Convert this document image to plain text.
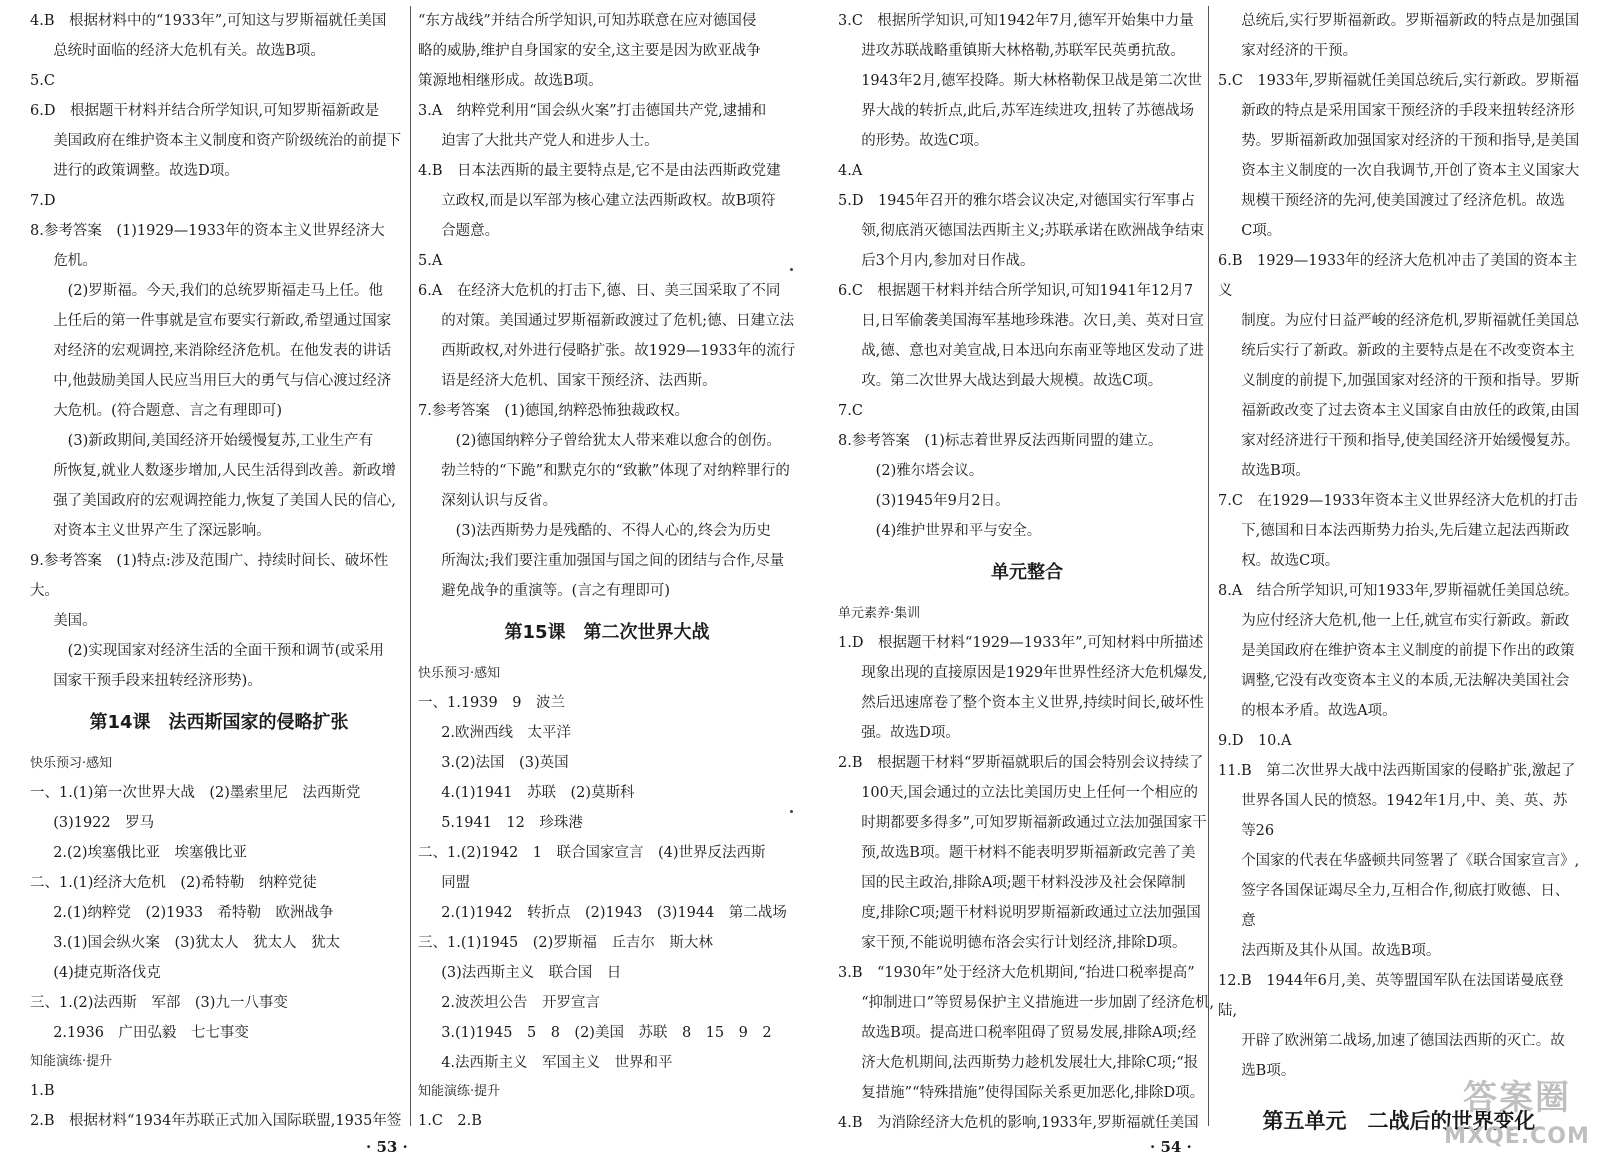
4.B　根据材料中的“1933年”,可知这与罗斯福就任美国
总统时面临的经济大危机有关。故选B项。
5.C
6.D　根据题干材料并结合所学知识,可知罗斯福新政是
美国政府在维护资本主义制度和资产阶级统治的前提下
进行的政策调整。故选D项。
7.D
8.参考答案　(1)1929—1933年的资本主义世界经济大
危机。
　(2)罗斯福。今天,我们的总统罗斯福走马上任。他
上任后的第一件事就是宣布要实行新政,希望通过国家
对经济的宏观调控,来消除经济危机。在他发表的讲话
中,他鼓励美国人民应当用巨大的勇气与信心渡过经济
大危机。(符合题意、言之有理即可)
　(3)新政期间,美国经济开始缓慢复苏,工业生产有
所恢复,就业人数逐步增加,人民生活得到改善。新政增
强了美国政府的宏观调控能力,恢复了美国人民的信心,
对资本主义世界产生了深远影响。
9.参考答案　(1)特点:涉及范围广、持续时间长、破坏性大。
美国。
　(2)实现国家对经济生活的全面干预和调节(或采用
国家干预手段来扭转经济形势)。
第14课　法西斯国家的侵略扩张
快乐预习·感知
一、1.(1)第一次世界大战　(2)墨索里尼　法西斯党
(3)1922　罗马
2.(2)埃塞俄比亚　埃塞俄比亚
二、1.(1)经济大危机　(2)希特勒　纳粹党徒
2.(1)纳粹党　(2)1933　希特勒　欧洲战争
3.(1)国会纵火案　(3)犹太人　犹太人　犹太
(4)捷克斯洛伐克
三、1.(2)法西斯　军部　(3)九一八事变
2.1936　广田弘毅　七七事变
知能演练·提升
1.B
2.B　根据材料“1934年苏联正式加入国际联盟,1935年签
“东方战线”并结合所学知识,可知苏联意在应对德国侵
略的威胁,维护自身国家的安全,这主要是因为欧亚战争
策源地相继形成。故选B项。
3.A　纳粹党利用“国会纵火案”打击德国共产党,逮捕和
迫害了大批共产党人和进步人士。
4.B　日本法西斯的最主要特点是,它不是由法西斯政党建
立政权,而是以军部为核心建立法西斯政权。故B项符
合题意。
5.A
6.A　在经济大危机的打击下,德、日、美三国采取了不同
的对策。美国通过罗斯福新政渡过了危机;德、日建立法
西斯政权,对外进行侵略扩张。故1929—1933年的流行
语是经济大危机、国家干预经济、法西斯。
7.参考答案　(1)德国,纳粹恐怖独裁政权。
　(2)德国纳粹分子曾给犹太人带来难以愈合的创伤。
勃兰特的“下跪”和默克尔的“致歉”体现了对纳粹罪行的
深刻认识与反省。
　(3)法西斯势力是残酷的、不得人心的,终会为历史
所淘汰;我们要注重加强国与国之间的团结与合作,尽量
避免战争的重演等。(言之有理即可)
第15课　第二次世界大战
快乐预习·感知
一、1.1939　9　波兰
2.欧洲西线　太平洋
3.(2)法国　(3)英国
4.(1)1941　苏联　(2)莫斯科
5.1941　12　珍珠港
二、1.(2)1942　1　联合国家宣言　(4)世界反法西斯
同盟
2.(1)1942　转折点　(2)1943　(3)1944　第二战场
三、1.(1)1945　(2)罗斯福　丘吉尔　斯大林
(3)法西斯主义　联合国　日
2.波茨坦公告　开罗宣言
3.(1)1945　5　8　(2)美国　苏联　8　15　9　2
4.法西斯主义　军国主义　世界和平
知能演练·提升
1.C　2.B
3.C　根据所学知识,可知1942年7月,德军开始集中力量
进攻苏联战略重镇斯大林格勒,苏联军民英勇抗敌。
1943年2月,德军投降。斯大林格勒保卫战是第二次世
界大战的转折点,此后,苏军连续进攻,扭转了苏德战场
的形势。故选C项。
4.A
5.D　1945年召开的雅尔塔会议决定,对德国实行军事占
领,彻底消灭德国法西斯主义;苏联承诺在欧洲战争结束
后3个月内,参加对日作战。
6.C　根据题干材料并结合所学知识,可知1941年12月7
日,日军偷袭美国海军基地珍珠港。次日,美、英对日宣
战,德、意也对美宣战,日本迅向东南亚等地区发动了进
攻。第二次世界大战达到最大规模。故选C项。
7.C
8.参考答案　(1)标志着世界反法西斯同盟的建立。
　(2)雅尔塔会议。
　(3)1945年9月2日。
　(4)维护世界和平与安全。
单元整合
单元素养·集训
1.D　根据题干材料“1929—1933年”,可知材料中所描述
现象出现的直接原因是1929年世界性经济大危机爆发,
然后迅速席卷了整个资本主义世界,持续时间长,破坏性
强。故选D项。
2.B　根据题干材料“罗斯福就职后的国会特别会议持续了
100天,国会通过的立法比美国历史上任何一个相应的
时期都要多得多”,可知罗斯福新政通过立法加强国家干
预,故选B项。题干材料不能表明罗斯福新政完善了美
国的民主政治,排除A项;题干材料没涉及社会保障制
度,排除C项;题干材料说明罗斯福新政通过立法加强国
家干预,不能说明德布洛会实行计划经济,排除D项。
3.B　“1930年”处于经济大危机期间,“抬进口税率提高”
“抑制进口”等贸易保护主义措施进一步加剧了经济危机,
故选B项。提高进口税率阻碍了贸易发展,排除A项;经
济大危机期间,法西斯势力趁机发展壮大,排除C项;“报
复措施”“特殊措施”使得国际关系更加恶化,排除D项。
4.B　为消除经济大危机的影响,1933年,罗斯福就任美国
总统后,实行罗斯福新政。罗斯福新政的特点是加强国
家对经济的干预。
5.C　1933年,罗斯福就任美国总统后,实行新政。罗斯福
新政的特点是采用国家干预经济的手段来扭转经济形
势。罗斯福新政加强国家对经济的干预和指导,是美国
资本主义制度的一次自我调节,开创了资本主义国家大
规模干预经济的先河,使美国渡过了经济危机。故选
C项。
6.B　1929—1933年的经济大危机冲击了美国的资本主义
制度。为应付日益严峻的经济危机,罗斯福就任美国总
统后实行了新政。新政的主要特点是在不改变资本主
义制度的前提下,加强国家对经济的干预和指导。罗斯
福新政改变了过去资本主义国家自由放任的政策,由国
家对经济进行干预和指导,使美国经济开始缓慢复苏。
故选B项。
7.C　在1929—1933年资本主义世界经济大危机的打击
下,德国和日本法西斯势力抬头,先后建立起法西斯政
权。故选C项。
8.A　结合所学知识,可知1933年,罗斯福就任美国总统。
为应付经济大危机,他一上任,就宣布实行新政。新政
是美国政府在维护资本主义制度的前提下作出的政策
调整,它没有改变资本主义的本质,无法解决美国社会
的根本矛盾。故选A项。
9.D　10.A
11.B　第二次世界大战中法西斯国家的侵略扩张,激起了
世界各国人民的愤怒。1942年1月,中、美、英、苏等26
个国家的代表在华盛顿共同签署了《联合国家宣言》,
签字各国保证竭尽全力,互相合作,彻底打败德、日、意
法西斯及其仆从国。故选B项。
12.B　1944年6月,美、英等盟国军队在法国诺曼底登陆,
开辟了欧洲第二战场,加速了德国法西斯的灭亡。故
选B项。
第五单元　二战后的世界变化
· 53 ·	· 54 ·
答案圈
MXQE.COM
